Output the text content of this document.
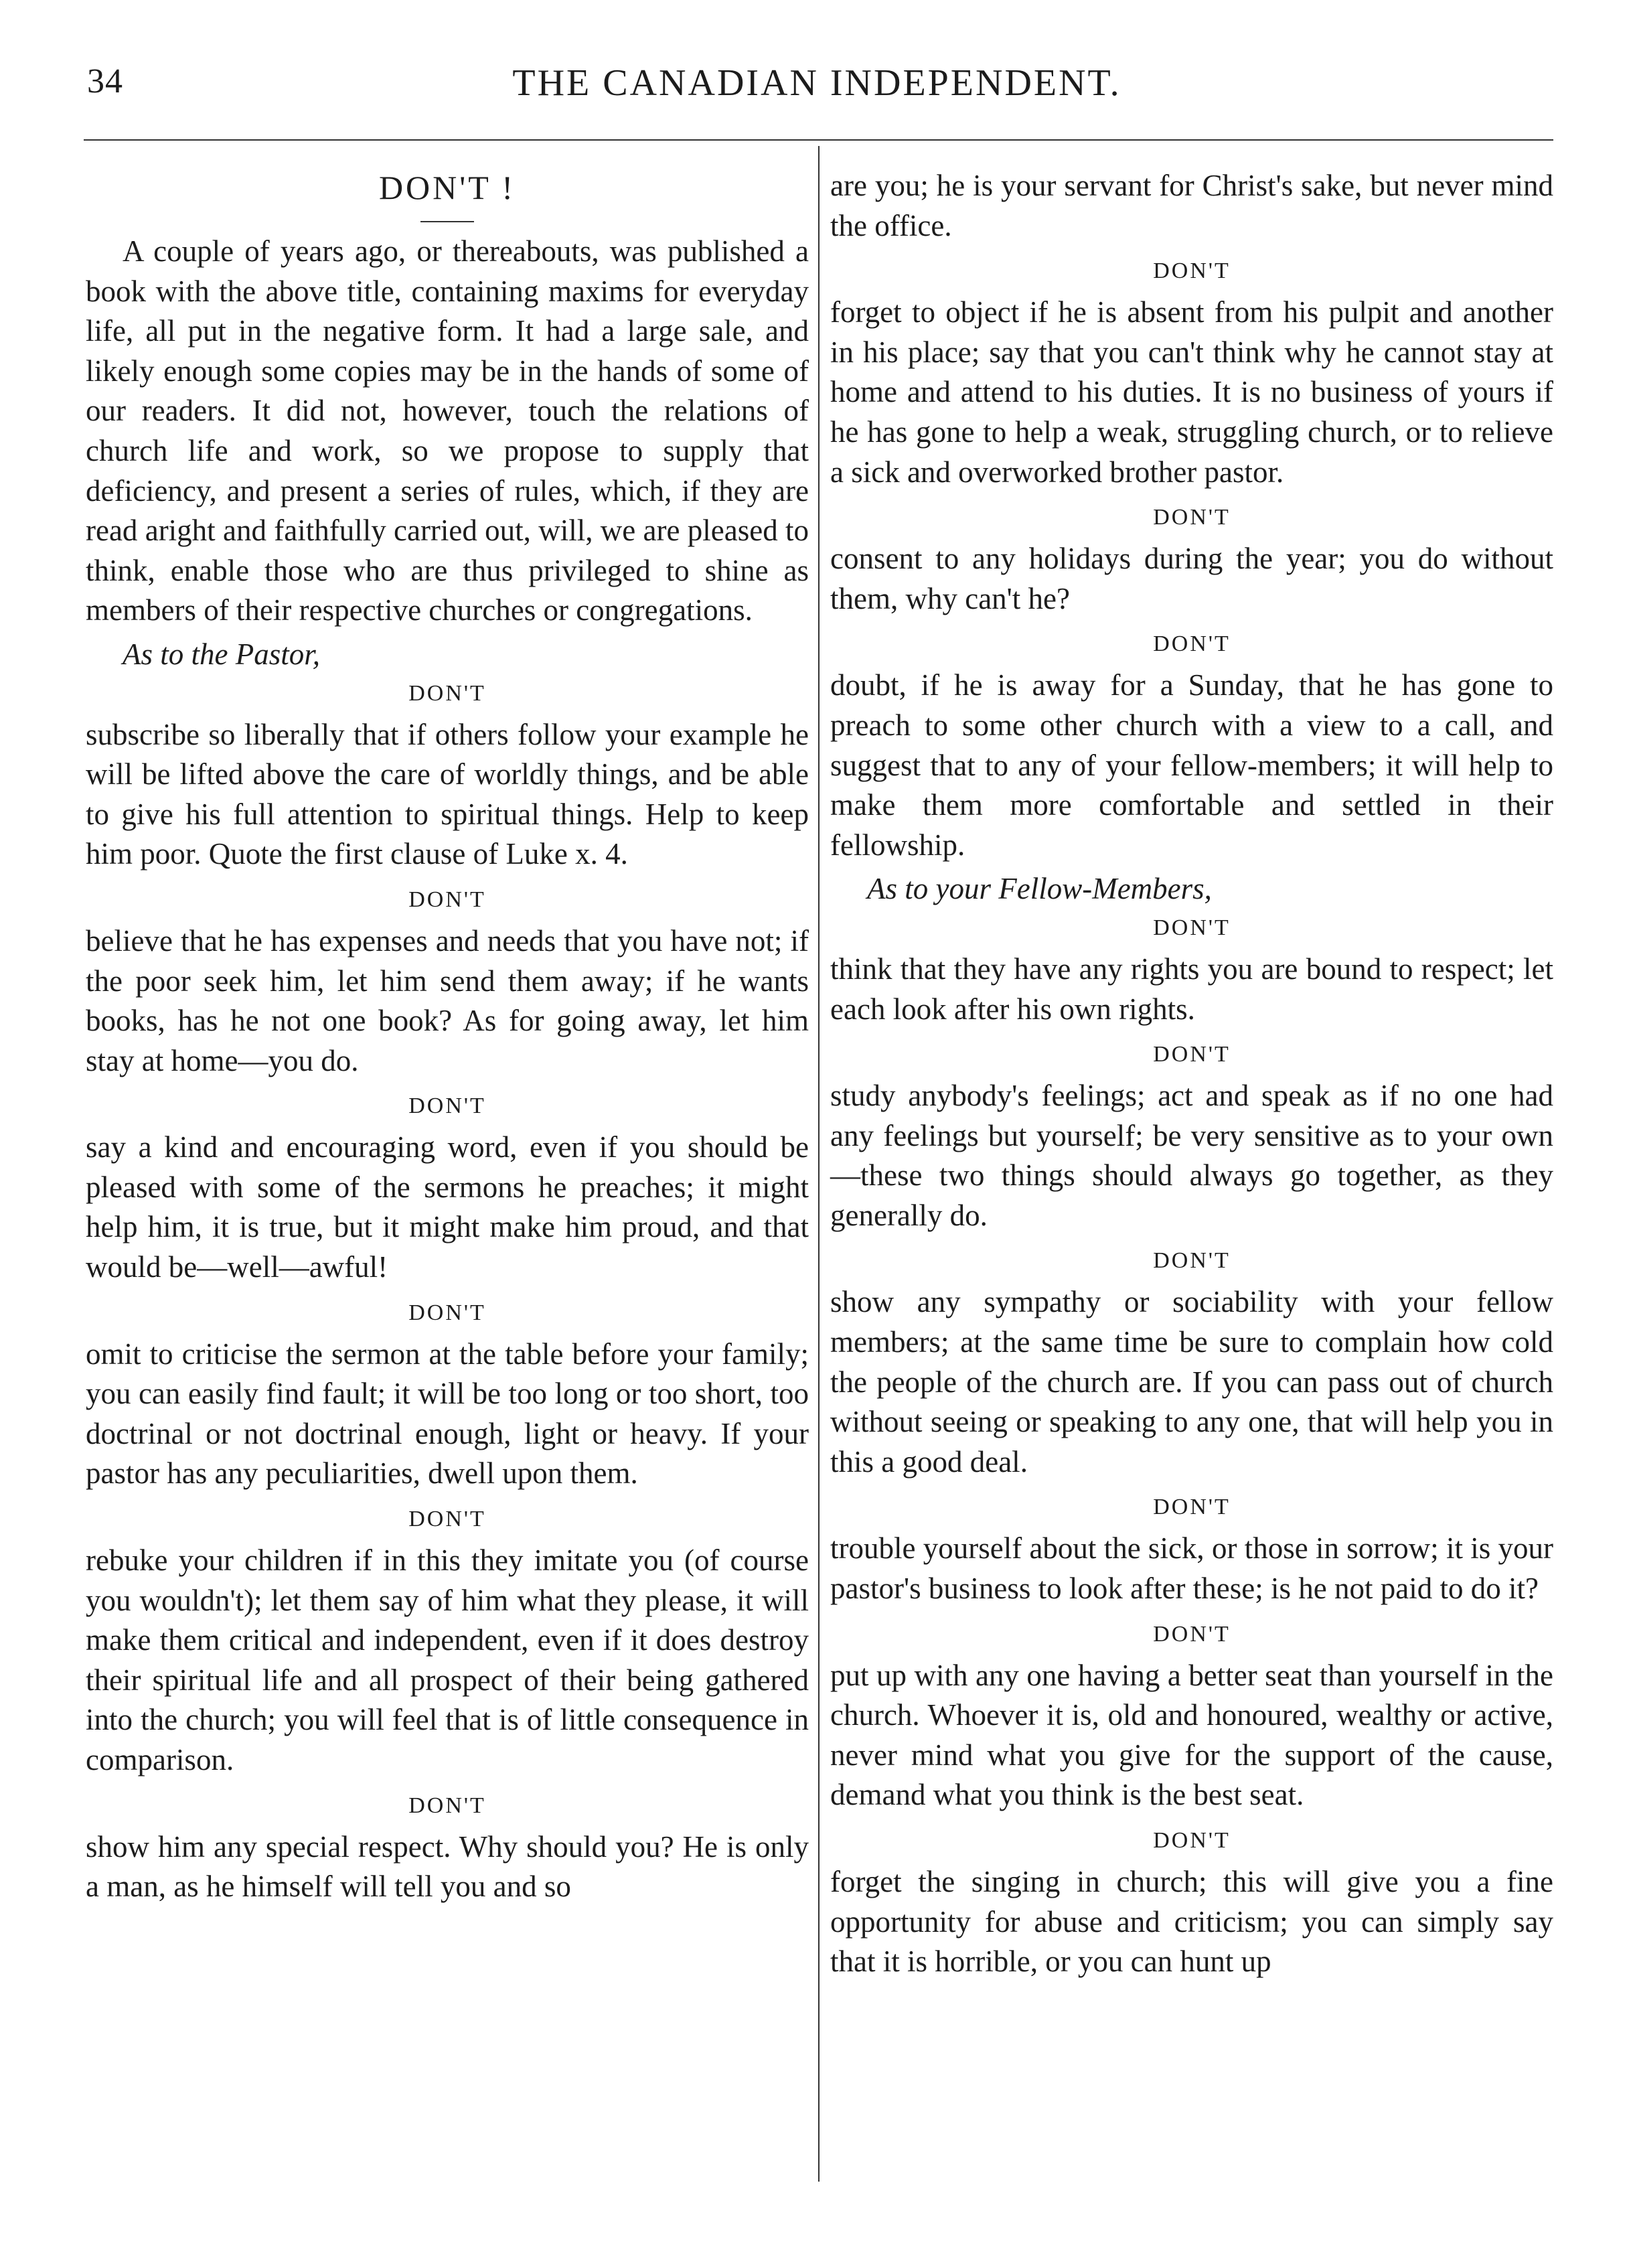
34	THE CANADIAN INDEPENDENT.
DON'T !

A couple of years ago, or thereabouts, was published a book with the above title, containing maxims for everyday life, all put in the negative form. It had a large sale, and likely enough some copies may be in the hands of some of our readers. It did not, however, touch the relations of church life and work, so we propose to supply that deficiency, and present a series of rules, which, if they are read aright and faithfully carried out, will, we are pleased to think, enable those who are thus privileged to shine as members of their respective churches or congregations.

As to the Pastor,
DON'T

subscribe so liberally that if others follow your example he will be lifted above the care of worldly things, and be able to give his full attention to spiritual things. Help to keep him poor. Quote the first clause of Luke x. 4.

DON'T

believe that he has expenses and needs that you have not; if the poor seek him, let him send them away; if he wants books, has he not one book? As for going away, let him stay at home—you do.

DON'T

say a kind and encouraging word, even if you should be pleased with some of the sermons he preaches; it might help him, it is true, but it might make him proud, and that would be—well—awful!

DON'T

omit to criticise the sermon at the table before your family; you can easily find fault; it will be too long or too short, too doctrinal or not doctrinal enough, light or heavy. If your pastor has any peculiarities, dwell upon them.

DON'T

rebuke your children if in this they imitate you (of course you wouldn't); let them say of him what they please, it will make them critical and independent, even if it does destroy their spiritual life and all prospect of their being gathered into the church; you will feel that is of little consequence in comparison.

DON'T

show him any special respect. Why should you? He is only a man, as he himself will tell you and so

are you; he is your servant for Christ's sake, but never mind the office.

DON'T

forget to object if he is absent from his pulpit and another in his place; say that you can't think why he cannot stay at home and attend to his duties. It is no business of yours if he has gone to help a weak, struggling church, or to relieve a sick and overworked brother pastor.

DON'T

consent to any holidays during the year; you do without them, why can't he?

DON'T

doubt, if he is away for a Sunday, that he has gone to preach to some other church with a view to a call, and suggest that to any of your fellow-members; it will help to make them more comfortable and settled in their fellowship.

As to your Fellow-Members,
DON'T

think that they have any rights you are bound to respect; let each look after his own rights.

DON'T

study anybody's feelings; act and speak as if no one had any feelings but yourself; be very sensitive as to your own—these two things should always go together, as they generally do.

DON'T

show any sympathy or sociability with your fellow members; at the same time be sure to complain how cold the people of the church are. If you can pass out of church without seeing or speaking to any one, that will help you in this a good deal.

DON'T

trouble yourself about the sick, or those in sorrow; it is your pastor's business to look after these; is he not paid to do it?

DON'T

put up with any one having a better seat than yourself in the church. Whoever it is, old and honoured, wealthy or active, never mind what you give for the support of the cause, demand what you think is the best seat.

DON'T

forget the singing in church; this will give you a fine opportunity for abuse and criticism; you can simply say that it is horrible, or you can hunt up
